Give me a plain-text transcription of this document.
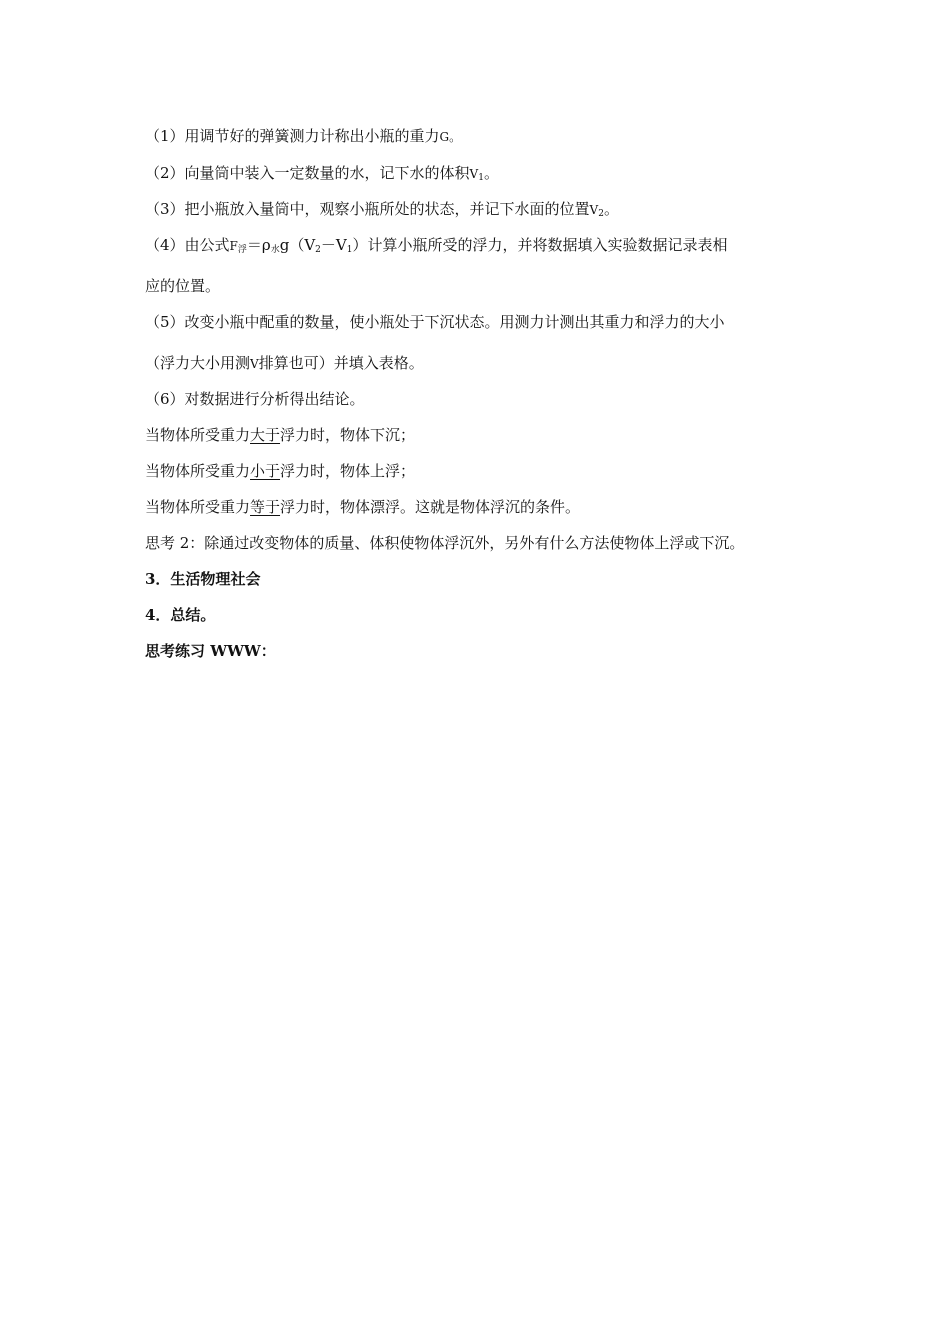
（1）用调节好的弹簧测力计称出小瓶的重力G。
（2）向量筒中装入一定数量的水，记下水的体积$V_1$。
（3）把小瓶放入量筒中，观察小瓶所处的状态，并记下水面的位置$V_2$。
（4）由公式$F_浮=\rho_水g(V_2-V_1)$计算小瓶所受的浮力，并将数据填入实验数据记录表相
应的位置。
（5）改变小瓶中配重的数量，使小瓶处于下沉状态。用测力计测出其重力和浮力的大小
（浮力大小用测V排算也可）并填入表格。
（6）对数据进行分析得出结论。
当物体所受重力大于浮力时，物体下沉；
当物体所受重力小于浮力时，物体上浮；
当物体所受重力等于浮力时，物体漂浮。这就是物体浮沉的条件。
思考 2：除通过改变物体的质量、体积使物体浮沉外，另外有什么方法使物体上浮或下沉。
3．生活物理社会
4．总结。
思考练习 WWW：
